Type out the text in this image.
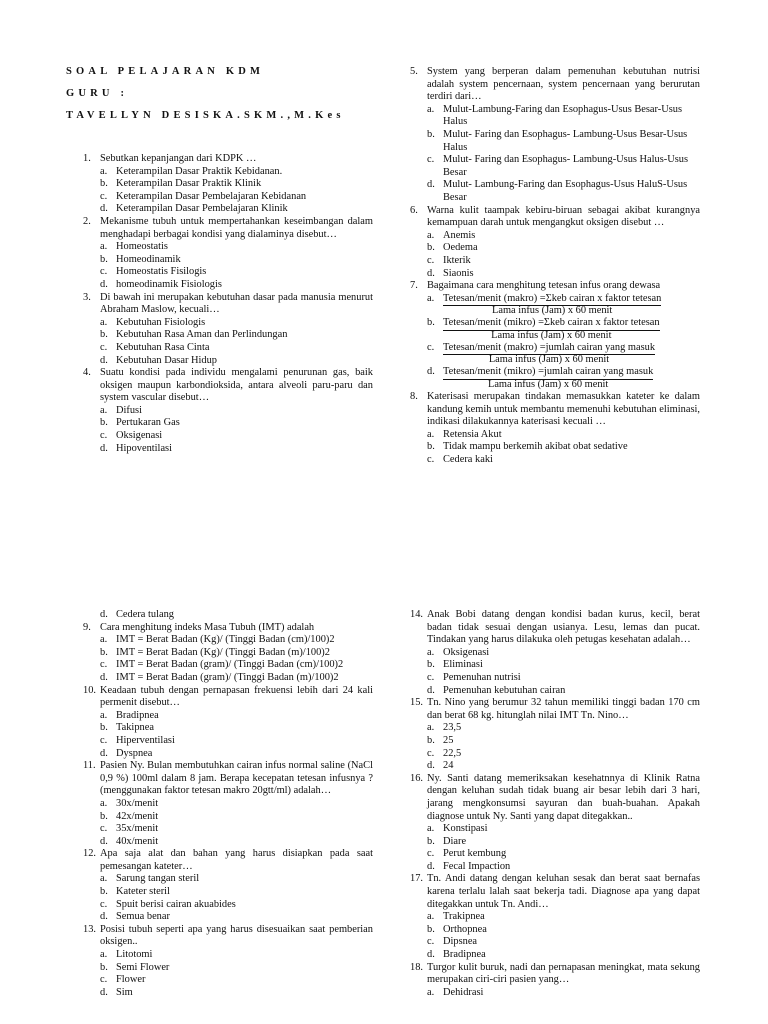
SOAL PELAJARAN KDM
GURU :
TAVELLYN DESISKA.SKM.,M.Kes
1. Sebutkan kepanjangan dari KDPK …
a. Keterampilan Dasar Praktik Kebidanan.
b. Keterampilan Dasar Praktik Klinik
c. Keterampilan Dasar Pembelajaran Kebidanan
d. Keterampilan Dasar Pembelajaran Klinik
2. Mekanisme tubuh untuk mempertahankan keseimbangan dalam menghadapi berbagai kondisi yang dialaminya disebut…
a. Homeostatis
b. Homeodinamik
c. Homeostatis Fisilogis
d. homeodinamik Fisiologis
3. Di bawah ini merupakan kebutuhan dasar pada manusia menurut Abraham Maslow, kecuali…
a. Kebutuhan Fisiologis
b. Kebutuhan Rasa Aman dan Perlindungan
c. Kebutuhan Rasa Cinta
d. Kebutuhan Dasar Hidup
4. Suatu kondisi pada individu mengalami penurunan gas, baik oksigen maupun karbondioksida, antara alveoli paru-paru dan system vascular disebut…
a. Difusi
b. Pertukaran Gas
c. Oksigenasi
d. Hipoventilasi
5. System yang berperan dalam pemenuhan kebutuhan nutrisi adalah system pencernaan, system pencernaan yang berurutan terdiri dari…
a. Mulut-Lambung-Faring dan Esophagus-Usus Besar-Usus Halus
b. Mulut- Faring dan Esophagus- Lambung-Usus Besar-Usus Halus
c. Mulut- Faring dan Esophagus- Lambung-Usus Halus-Usus Besar
d. Mulut- Lambung-Faring dan Esophagus-Usus HaluS-Usus Besar
6. Warna kulit taampak kebiru-biruan sebagai akibat kurangnya kemampuan darah untuk mengangkut oksigen disebut …
a. Anemis
b. Oedema
c. Ikterik
d. Siaonis
7. Bagaimana cara menghitung tetesan infus orang dewasa
a. $\frac{\text{Tetesan/menit (makro) =Σkeb cairan x faktor tetesan}}{\text{Lama infus (Jam) x 60 menit}}$
b. $\frac{\text{Tetesan/menit (mikro) =Σkeb cairan x faktor tetesan}}{\text{Lama infus (Jam) x 60 menit}}$
c. $\frac{\text{Tetesan/menit (makro) =jumlah cairan yang masuk}}{\text{Lama infus (Jam) x 60 menit}}$
d. $\frac{\text{Tetesan/menit (mikro) =jumlah cairan yang masuk}}{\text{Lama infus (Jam) x 60 menit}}$
8. Katerisasi merupakan tindakan memasukkan kateter ke dalam kandung kemih untuk membantu memenuhi kebutuhan eliminasi, indikasi dilakukannya katerisasi kecuali …
a. Retensia Akut
b. Tidak mampu berkemih akibat obat sedative
c. Cedera kaki
d. Cedera tulang
9. Cara menghitung indeks Masa Tubuh (IMT) adalah
a. IMT = Berat Badan (Kg)/ (Tinggi Badan (cm)/100)2
b. IMT = Berat Badan (Kg)/ (Tinggi Badan (m)/100)2
c. IMT = Berat Badan (gram)/ (Tinggi Badan (cm)/100)2
d. IMT = Berat Badan (gram)/ (Tinggi Badan (m)/100)2
10. Keadaan tubuh dengan pernapasan frekuensi lebih dari 24 kali permenit disebut…
a. Bradipnea
b. Takipnea
c. Hiperventilasi
d. Dyspnea
11. Pasien Ny. Bulan membutuhkan cairan infus normal saline (NaCl 0,9 %) 100ml dalam 8 jam. Berapa kecepatan tetesan infusnya ? (menggunakan faktor tetesan makro 20gtt/ml) adalah…
a. 30x/menit
b. 42x/menit
c. 35x/menit
d. 40x/menit
12. Apa saja alat dan bahan yang harus disiapkan pada saat pemesangan kateter…
a. Sarung tangan steril
b. Kateter steril
c. Spuit berisi cairan akuabides
d. Semua benar
13. Posisi tubuh seperti apa yang harus disesuaikan saat pemberian oksigen..
a. Litotomi
b. Semi Flower
c. Flower
d. Sim
14. Anak Bobi datang dengan kondisi badan kurus, kecil, berat badan tidak sesuai dengan usianya. Lesu, lemas dan pucat. Tindakan yang harus dilakuka oleh petugas kesehatan adalah…
a. Oksigenasi
b. Eliminasi
c. Pemenuhan nutrisi
d. Pemenuhan kebutuhan cairan
15. Tn. Nino yang berumur 32 tahun memiliki tinggi badan 170 cm dan berat 68 kg. hitunglah nilai IMT Tn. Nino…
a. 23,5
b. 25
c. 22,5
d. 24
16. Ny. Santi datang memeriksakan kesehatnnya di Klinik Ratna dengan keluhan sudah tidak buang air besar lebih dari 3 hari, jarang mengkonsumsi sayuran dan buah-buahan. Apakah diagnose untuk Ny. Santi yang dapat ditegakkan..
a. Konstipasi
b. Diare
c. Perut kembung
d. Fecal Impaction
17. Tn. Andi datang dengan keluhan sesak dan berat saat bernafas karena terlalu lalah saat bekerja tadi. Diagnose apa yang dapat ditegakkan untuk Tn. Andi…
a. Trakipnea
b. Orthopnea
c. Dipsnea
d. Bradipnea
18. Turgor kulit buruk, nadi dan pernapasan meningkat, mata sekung merupakan ciri-ciri pasien yang…
a. Dehidrasi
